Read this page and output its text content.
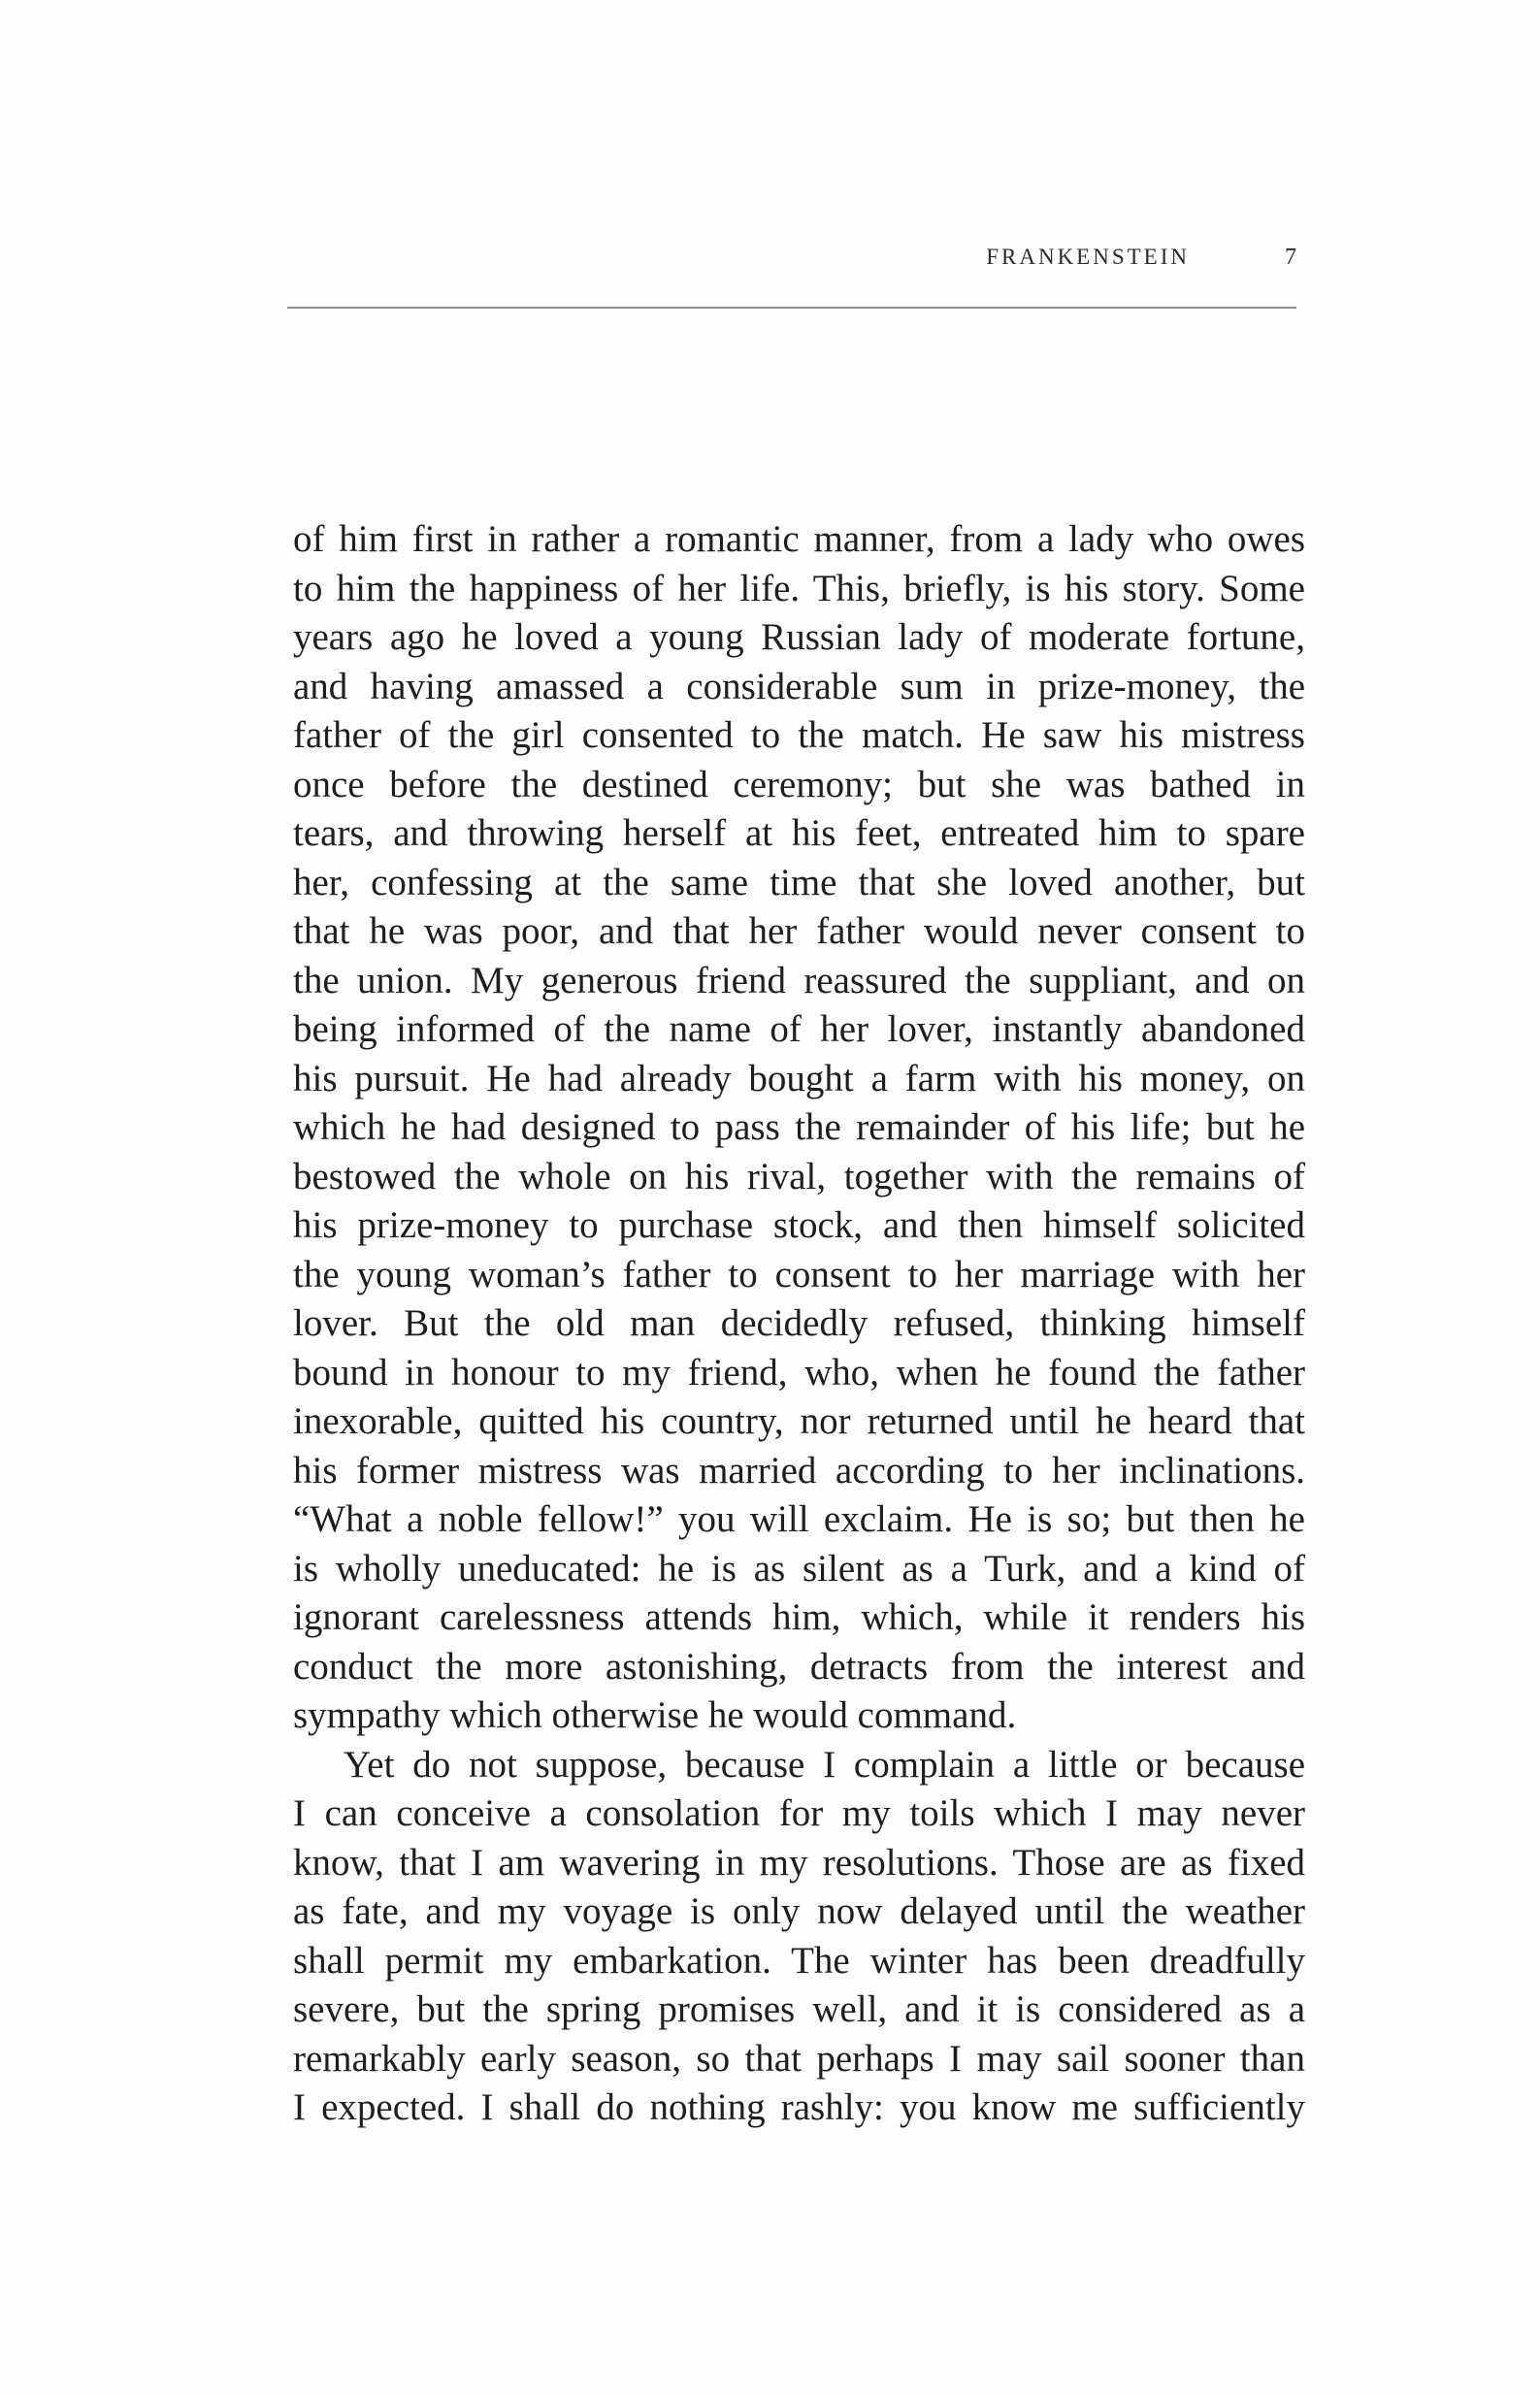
FRANKENSTEIN	7
of him first in rather a romantic manner, from a lady who owes
to him the happiness of her life. This, briefly, is his story. Some
years ago he loved a young Russian lady of moderate fortune,
and having amassed a considerable sum in prize-money, the
father of the girl consented to the match. He saw his mistress
once before the destined ceremony; but she was bathed in
tears, and throwing herself at his feet, entreated him to spare
her, confessing at the same time that she loved another, but
that he was poor, and that her father would never consent to
the union. My generous friend reassured the suppliant, and on
being informed of the name of her lover, instantly abandoned
his pursuit. He had already bought a farm with his money, on
which he had designed to pass the remainder of his life; but he
bestowed the whole on his rival, together with the remains of
his prize-money to purchase stock, and then himself solicited
the young woman’s father to consent to her marriage with her
lover. But the old man decidedly refused, thinking himself
bound in honour to my friend, who, when he found the father
inexorable, quitted his country, nor returned until he heard that
his former mistress was married according to her inclinations.
“What a noble fellow!” you will exclaim. He is so; but then he
is wholly uneducated: he is as silent as a Turk, and a kind of
ignorant carelessness attends him, which, while it renders his
conduct the more astonishing, detracts from the interest and
sympathy which otherwise he would command.
Yet do not suppose, because I complain a little or because
I can conceive a consolation for my toils which I may never
know, that I am wavering in my resolutions. Those are as fixed
as fate, and my voyage is only now delayed until the weather
shall permit my embarkation. The winter has been dreadfully
severe, but the spring promises well, and it is considered as a
remarkably early season, so that perhaps I may sail sooner than
I expected. I shall do nothing rashly: you know me sufficiently
